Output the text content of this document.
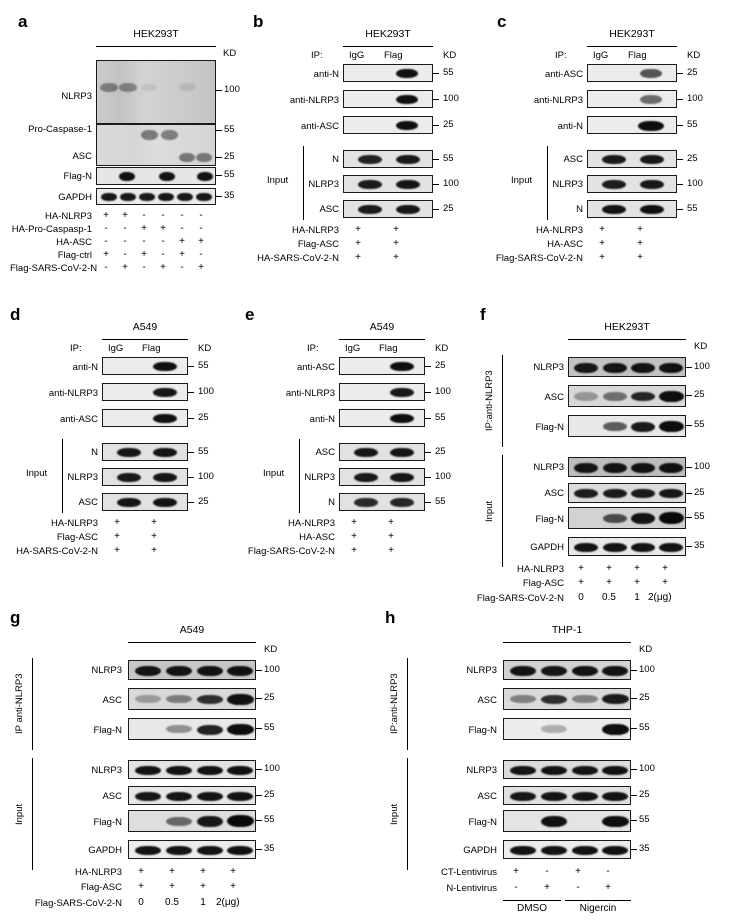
a
HEK293T
KD
NLRP3
100
Pro-Caspase-1	55
ASC	25
Flag-N	55
GAPDH	35
HA-NLRP3	+	+	-	-	-	-
HA-Pro-Caspasp-1	-	-	+	+	-	-
HA-ASC	-	-	-	-	+	+
Flag-ctrl	+	-	+	-	+	-
Flag-SARS-CoV-2-N -	+	-	+	-	+
b
HEK293T
IP:	IgG Flag	KD
anti-N	55
anti-NLRP3	100
anti-ASC	25
Input
N	55
NLRP3	100
ASC	25
HA-NLRP3	+	+
Flag-ASC	+	+
HA-SARS-CoV-2-N	+	+
c
HEK293T
IP:	IgG Flag	KD
anti-ASC	25
anti-NLRP3	100
anti-N	55
Input
ASC	25
NLRP3	100
N	55
HA-NLRP3	+	+
HA-ASC	+	+
Flag-SARS-CoV-2-N	+	+
d
A549
IP:	IgG Flag	KD
anti-N	55
anti-NLRP3	100
anti-ASC	25
Input
N	55
NLRP3	100
ASC	25
HA-NLRP3	+	+
Flag-ASC	+	+
HA-SARS-CoV-2-N	+	+
e
A549
IP:	IgG Flag	KD
anti-ASC	25
anti-NLRP3	100
anti-N	55
Input
ASC	25
NLRP3	100
N	55
HA-NLRP3	+	+
HA-ASC	+	+
Flag-SARS-CoV-2-N	+	+
f
HEK293T
KD
IP:anti-NLRP3
NLRP3	100
ASC	25
Flag-N	55
Input
NLRP3	100
ASC	25
Flag-N	55
GAPDH	35
HA-NLRP3	+	+	+	+
Flag-ASC	+	+	+	+
Flag-SARS-CoV-2-N	0	0.5	1 2(μg)
g
A549
KD
IP anti-NLRP3
NLRP3	100
ASC	25
Flag-N	55
Input
NLRP3	100
ASC	25
Flag-N	55
GAPDH	35
HA-NLRP3	+	+	+	+
Flag-ASC	+	+	+	+
Flag-SARS-CoV-2-N	0	0.5	1	2(μg)
h
THP-1
KD
IP:anti-NLRP3
NLRP3	100
ASC	25
Flag-N	55
Input
NLRP3	100
ASC	25
Flag-N	55
GAPDH	35
CT-Lentivirus	+	-	+	-
N-Lentivirus	-	+	-	+
DMSO	Nigercin
